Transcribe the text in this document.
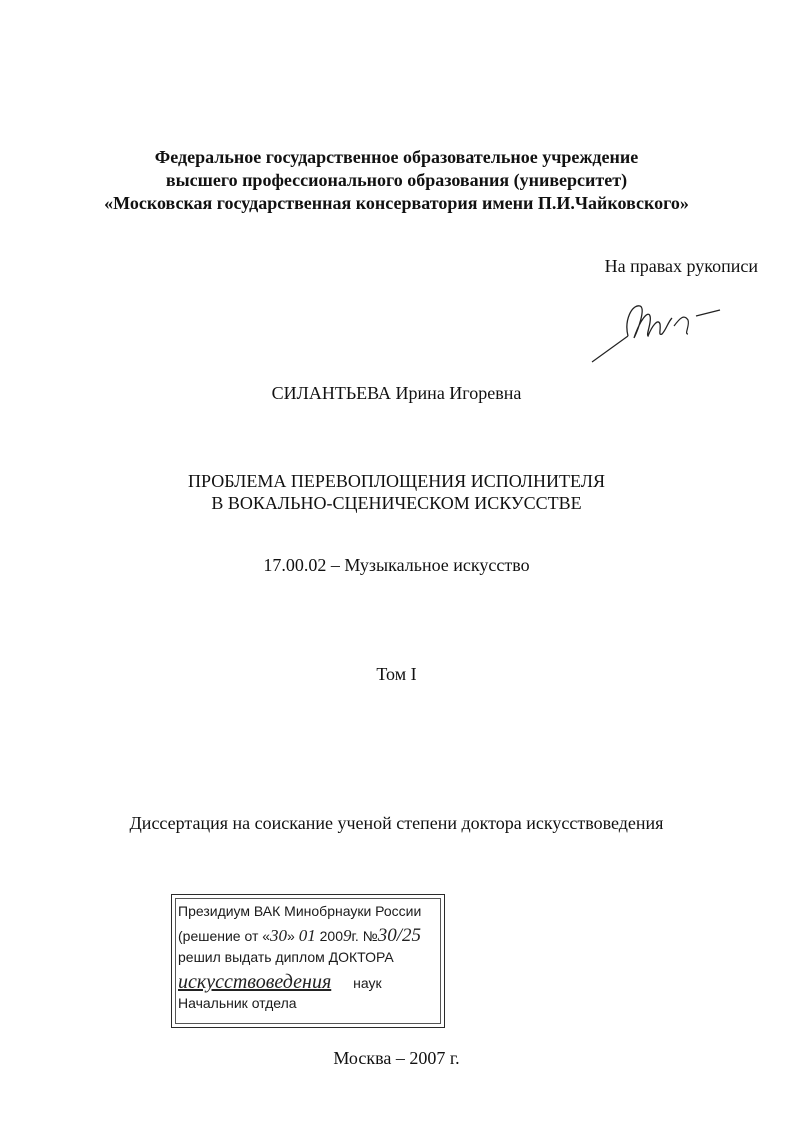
Федеральное государственное образовательное учреждение
высшего профессионального образования (университет)
«Московская государственная консерватория имени П.И.Чайковского»
На правах рукописи
СИЛАНТЬЕВА Ирина Игоревна
ПРОБЛЕМА ПЕРЕВОПЛОЩЕНИЯ ИСПОЛНИТЕЛЯ
В ВОКАЛЬНО-СЦЕНИЧЕСКОМ ИСКУССТВЕ
17.00.02 – Музыкальное искусство
Том I
Диссертация на соискание ученой степени доктора искусствоведения
Президиум ВАК Минобрнауки России
(решение от «30» 01 2009г. №30/25
решил выдать диплом ДОКТОРА
искусствоведения наук
Начальник отдела
Москва – 2007 г.
